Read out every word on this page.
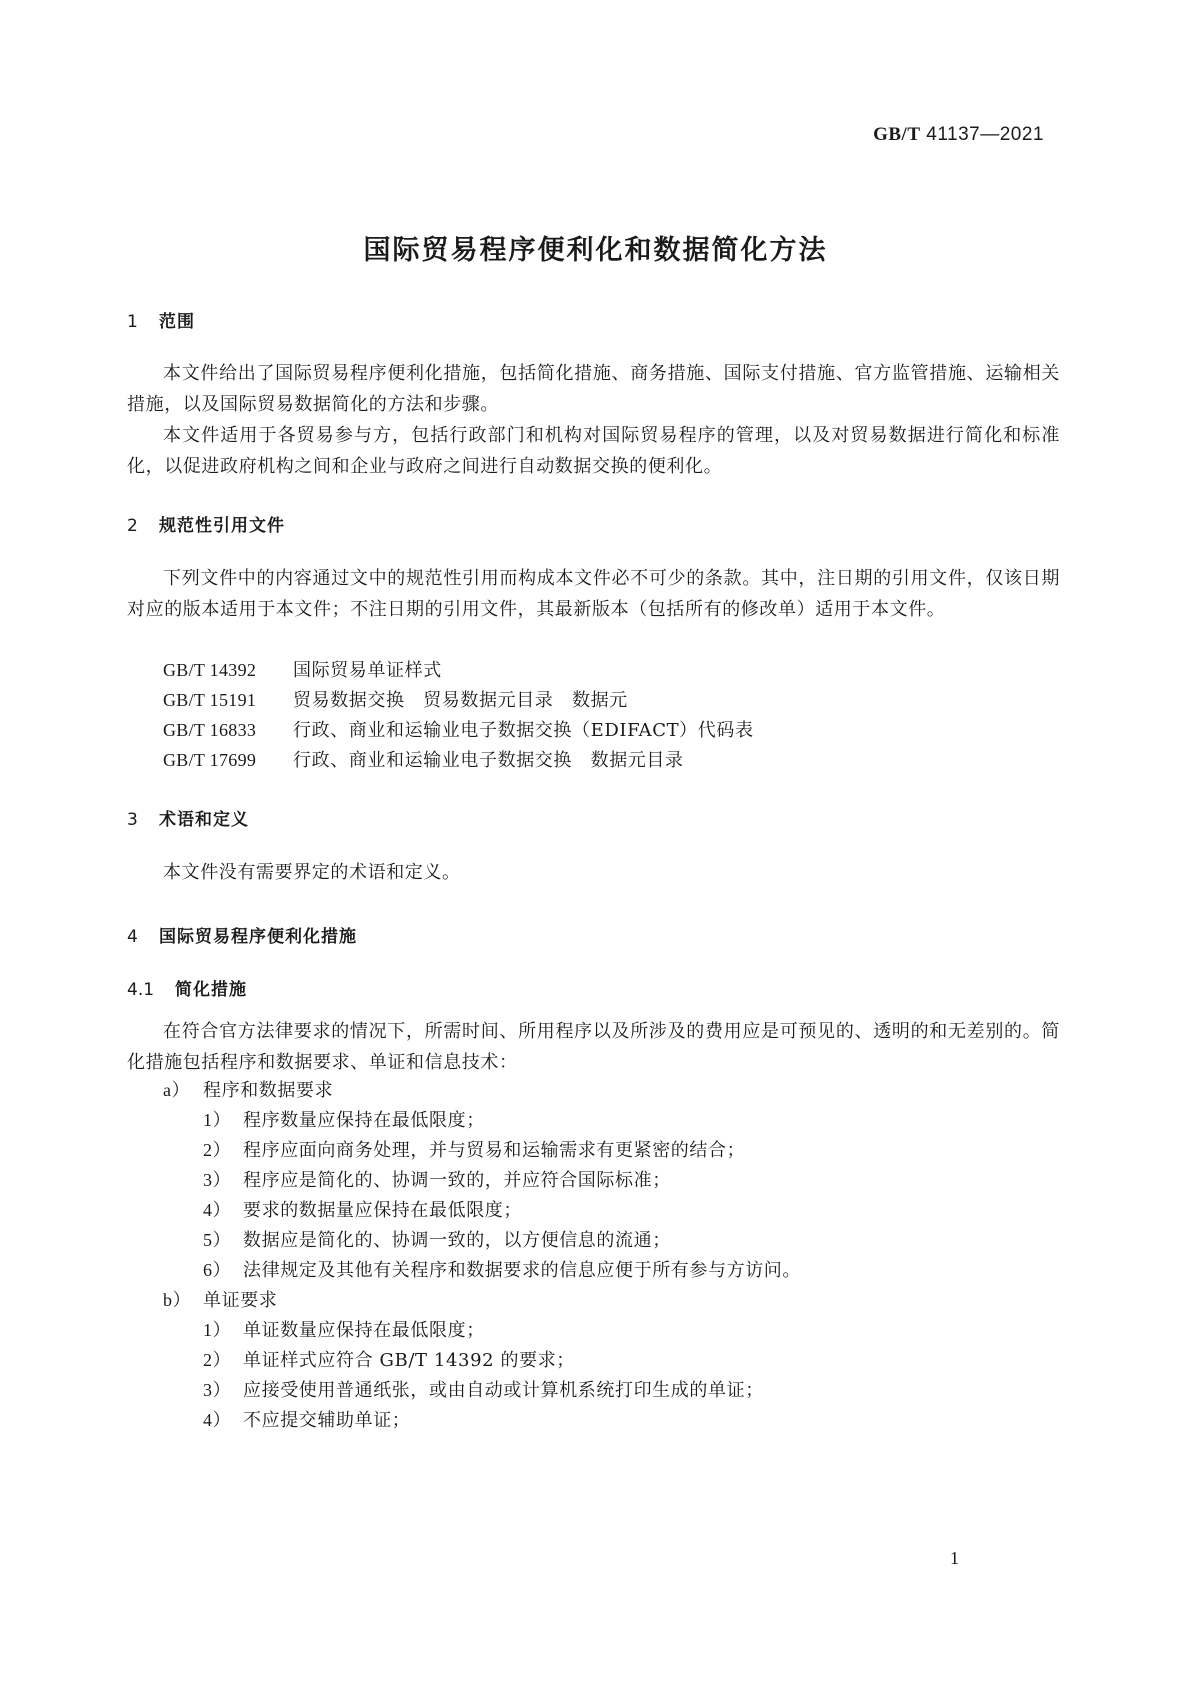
GB/T 41137—2021
国际贸易程序便利化和数据简化方法
1 范围

本文件给出了国际贸易程序便利化措施，包括简化措施、商务措施、国际支付措施、官方监管措施、运输相关措施，以及国际贸易数据简化的方法和步骤。

本文件适用于各贸易参与方，包括行政部门和机构对国际贸易程序的管理，以及对贸易数据进行简化和标准化，以促进政府机构之间和企业与政府之间进行自动数据交换的便利化。

2 规范性引用文件

下列文件中的内容通过文中的规范性引用而构成本文件必不可少的条款。其中，注日期的引用文件，仅该日期对应的版本适用于本文件；不注日期的引用文件，其最新版本（包括所有的修改单）适用于本文件。

GB/T 14392 国际贸易单证样式
GB/T 15191 贸易数据交换　贸易数据元目录　数据元
GB/T 16833 行政、商业和运输业电子数据交换（EDIFACT）代码表
GB/T 17699 行政、商业和运输业电子数据交换　数据元目录
3 术语和定义

本文件没有需要界定的术语和定义。

4 国际贸易程序便利化措施
4.1 简化措施

在符合官方法律要求的情况下，所需时间、所用程序以及所涉及的费用应是可预见的、透明的和无差别的。简化措施包括程序和数据要求、单证和信息技术：

a） 程序和数据要求
1） 程序数量应保持在最低限度；
2） 程序应面向商务处理，并与贸易和运输需求有更紧密的结合；
3） 程序应是简化的、协调一致的，并应符合国际标准；
4） 要求的数据量应保持在最低限度；
5） 数据应是简化的、协调一致的，以方便信息的流通；
6） 法律规定及其他有关程序和数据要求的信息应便于所有参与方访问。
b） 单证要求
1） 单证数量应保持在最低限度；
2） 单证样式应符合 GB/T 14392 的要求；
3） 应接受使用普通纸张，或由自动或计算机系统打印生成的单证；
4） 不应提交辅助单证；
1
